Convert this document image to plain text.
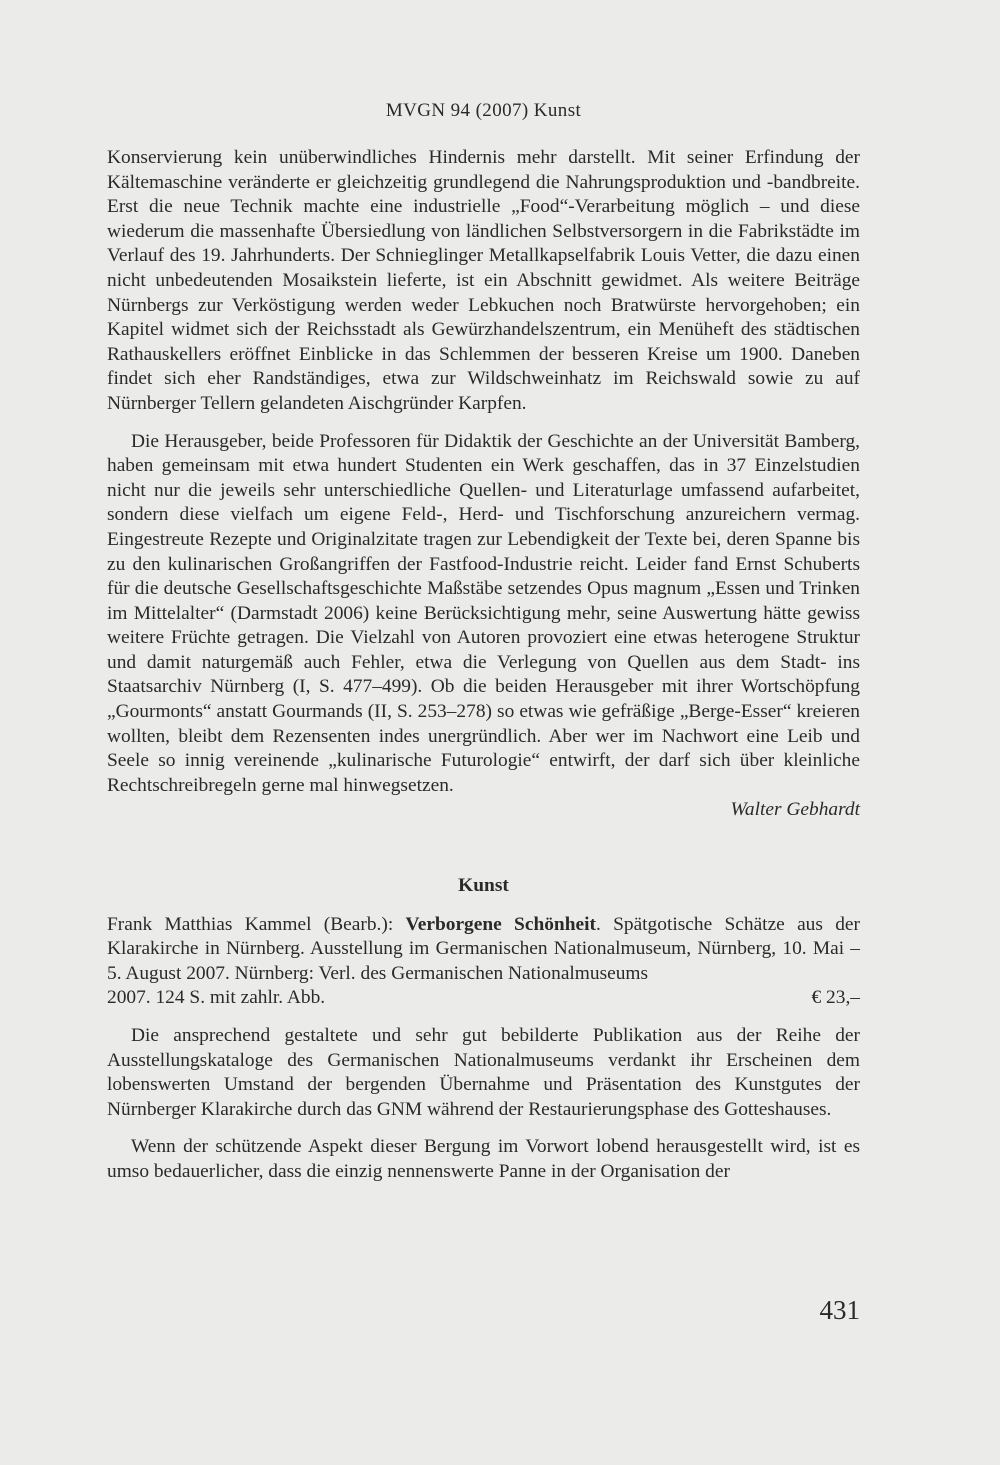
MVGN 94 (2007) Kunst

Konservierung kein unüberwindliches Hindernis mehr darstellt. Mit seiner Erfindung der Kältemaschine veränderte er gleichzeitig grundlegend die Nahrungsproduktion und -bandbreite. Erst die neue Technik machte eine industrielle „Food“-Verarbeitung möglich – und diese wiederum die massenhafte Übersiedlung von ländlichen Selbstversorgern in die Fabrikstädte im Verlauf des 19. Jahrhunderts. Der Schnieglinger Metallkapselfabrik Louis Vetter, die dazu einen nicht unbedeutenden Mosaikstein lieferte, ist ein Abschnitt gewidmet. Als weitere Beiträge Nürnbergs zur Verköstigung werden weder Lebkuchen noch Bratwürste hervorgehoben; ein Kapitel widmet sich der Reichsstadt als Gewürzhandelszentrum, ein Menüheft des städtischen Rathauskellers eröffnet Einblicke in das Schlemmen der besseren Kreise um 1900. Daneben findet sich eher Randständiges, etwa zur Wildschweinhatz im Reichswald sowie zu auf Nürnberger Tellern gelandeten Aischgründer Karpfen.

Die Herausgeber, beide Professoren für Didaktik der Geschichte an der Universität Bamberg, haben gemeinsam mit etwa hundert Studenten ein Werk geschaffen, das in 37 Einzelstudien nicht nur die jeweils sehr unterschiedliche Quellen- und Literaturlage umfassend aufarbeitet, sondern diese vielfach um eigene Feld-, Herd- und Tischforschung anzureichern vermag. Eingestreute Rezepte und Originalzitate tragen zur Lebendigkeit der Texte bei, deren Spanne bis zu den kulinarischen Großangriffen der Fastfood-Industrie reicht. Leider fand Ernst Schuberts für die deutsche Gesellschaftsgeschichte Maßstäbe setzendes Opus magnum „Essen und Trinken im Mittelalter“ (Darmstadt 2006) keine Berücksichtigung mehr, seine Auswertung hätte gewiss weitere Früchte getragen. Die Vielzahl von Autoren provoziert eine etwas heterogene Struktur und damit naturgemäß auch Fehler, etwa die Verlegung von Quellen aus dem Stadt- ins Staatsarchiv Nürnberg (I, S. 477–499). Ob die beiden Herausgeber mit ihrer Wortschöpfung „Gourmonts“ anstatt Gourmands (II, S. 253–278) so etwas wie gefräßige „Berge-Esser“ kreieren wollten, bleibt dem Rezensenten indes unergründlich. Aber wer im Nachwort eine Leib und Seele so innig vereinende „kulinarische Futurologie“ entwirft, der darf sich über kleinliche Rechtschreibregeln gerne mal hinwegsetzen.

Walter Gebhardt

Kunst

Frank Matthias Kammel (Bearb.): Verborgene Schönheit. Spätgotische Schätze aus der Klarakirche in Nürnberg. Ausstellung im Germanischen Nationalmuseum, Nürnberg, 10. Mai – 5. August 2007. Nürnberg: Verl. des Germanischen Nationalmuseums

2007. 124 S. mit zahlr. Abb.	€ 23,–

Die ansprechend gestaltete und sehr gut bebilderte Publikation aus der Reihe der Ausstellungskataloge des Germanischen Nationalmuseums verdankt ihr Erscheinen dem lobenswerten Umstand der bergenden Übernahme und Präsentation des Kunstgutes der Nürnberger Klarakirche durch das GNM während der Restaurierungsphase des Gotteshauses.

Wenn der schützende Aspekt dieser Bergung im Vorwort lobend herausgestellt wird, ist es umso bedauerlicher, dass die einzig nennenswerte Panne in der Organisation der

431
